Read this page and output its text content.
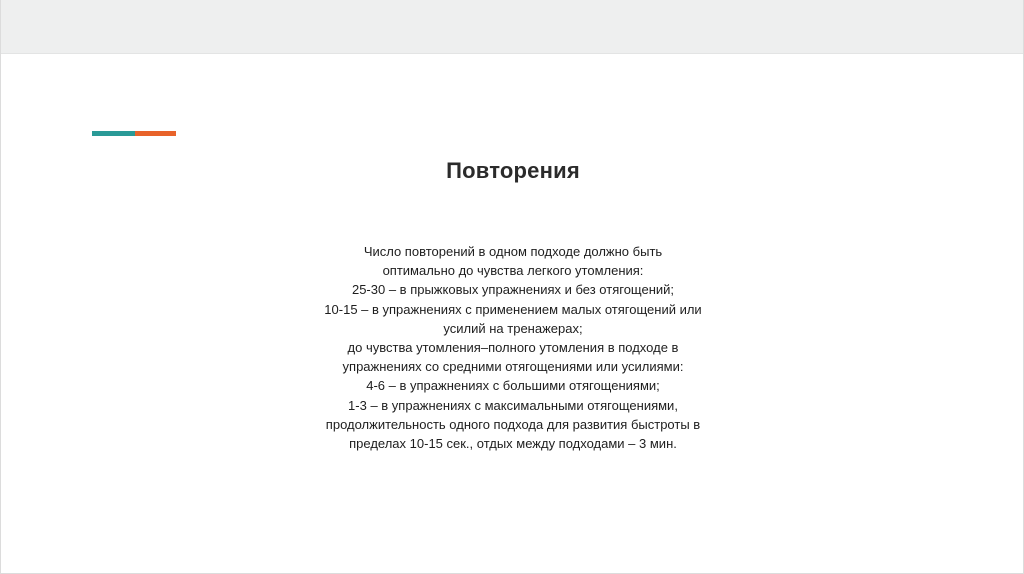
Повторения
Число повторений в одном подходе должно быть
оптимально до чувства легкого утомления:
25-30 – в прыжковых упражнениях и без отягощений;
10-15 – в упражнениях с применением малых отягощений или
усилий на тренажерах;
до чувства утомления–полного утомления в подходе в
упражнениях со средними отягощениями или усилиями:
4-6 – в упражнениях с большими отягощениями;
1-3 – в упражнениях с максимальными отягощениями,
продолжительность одного подхода для развития быстроты в
пределах 10-15 сек., отдых между подходами – 3 мин.
